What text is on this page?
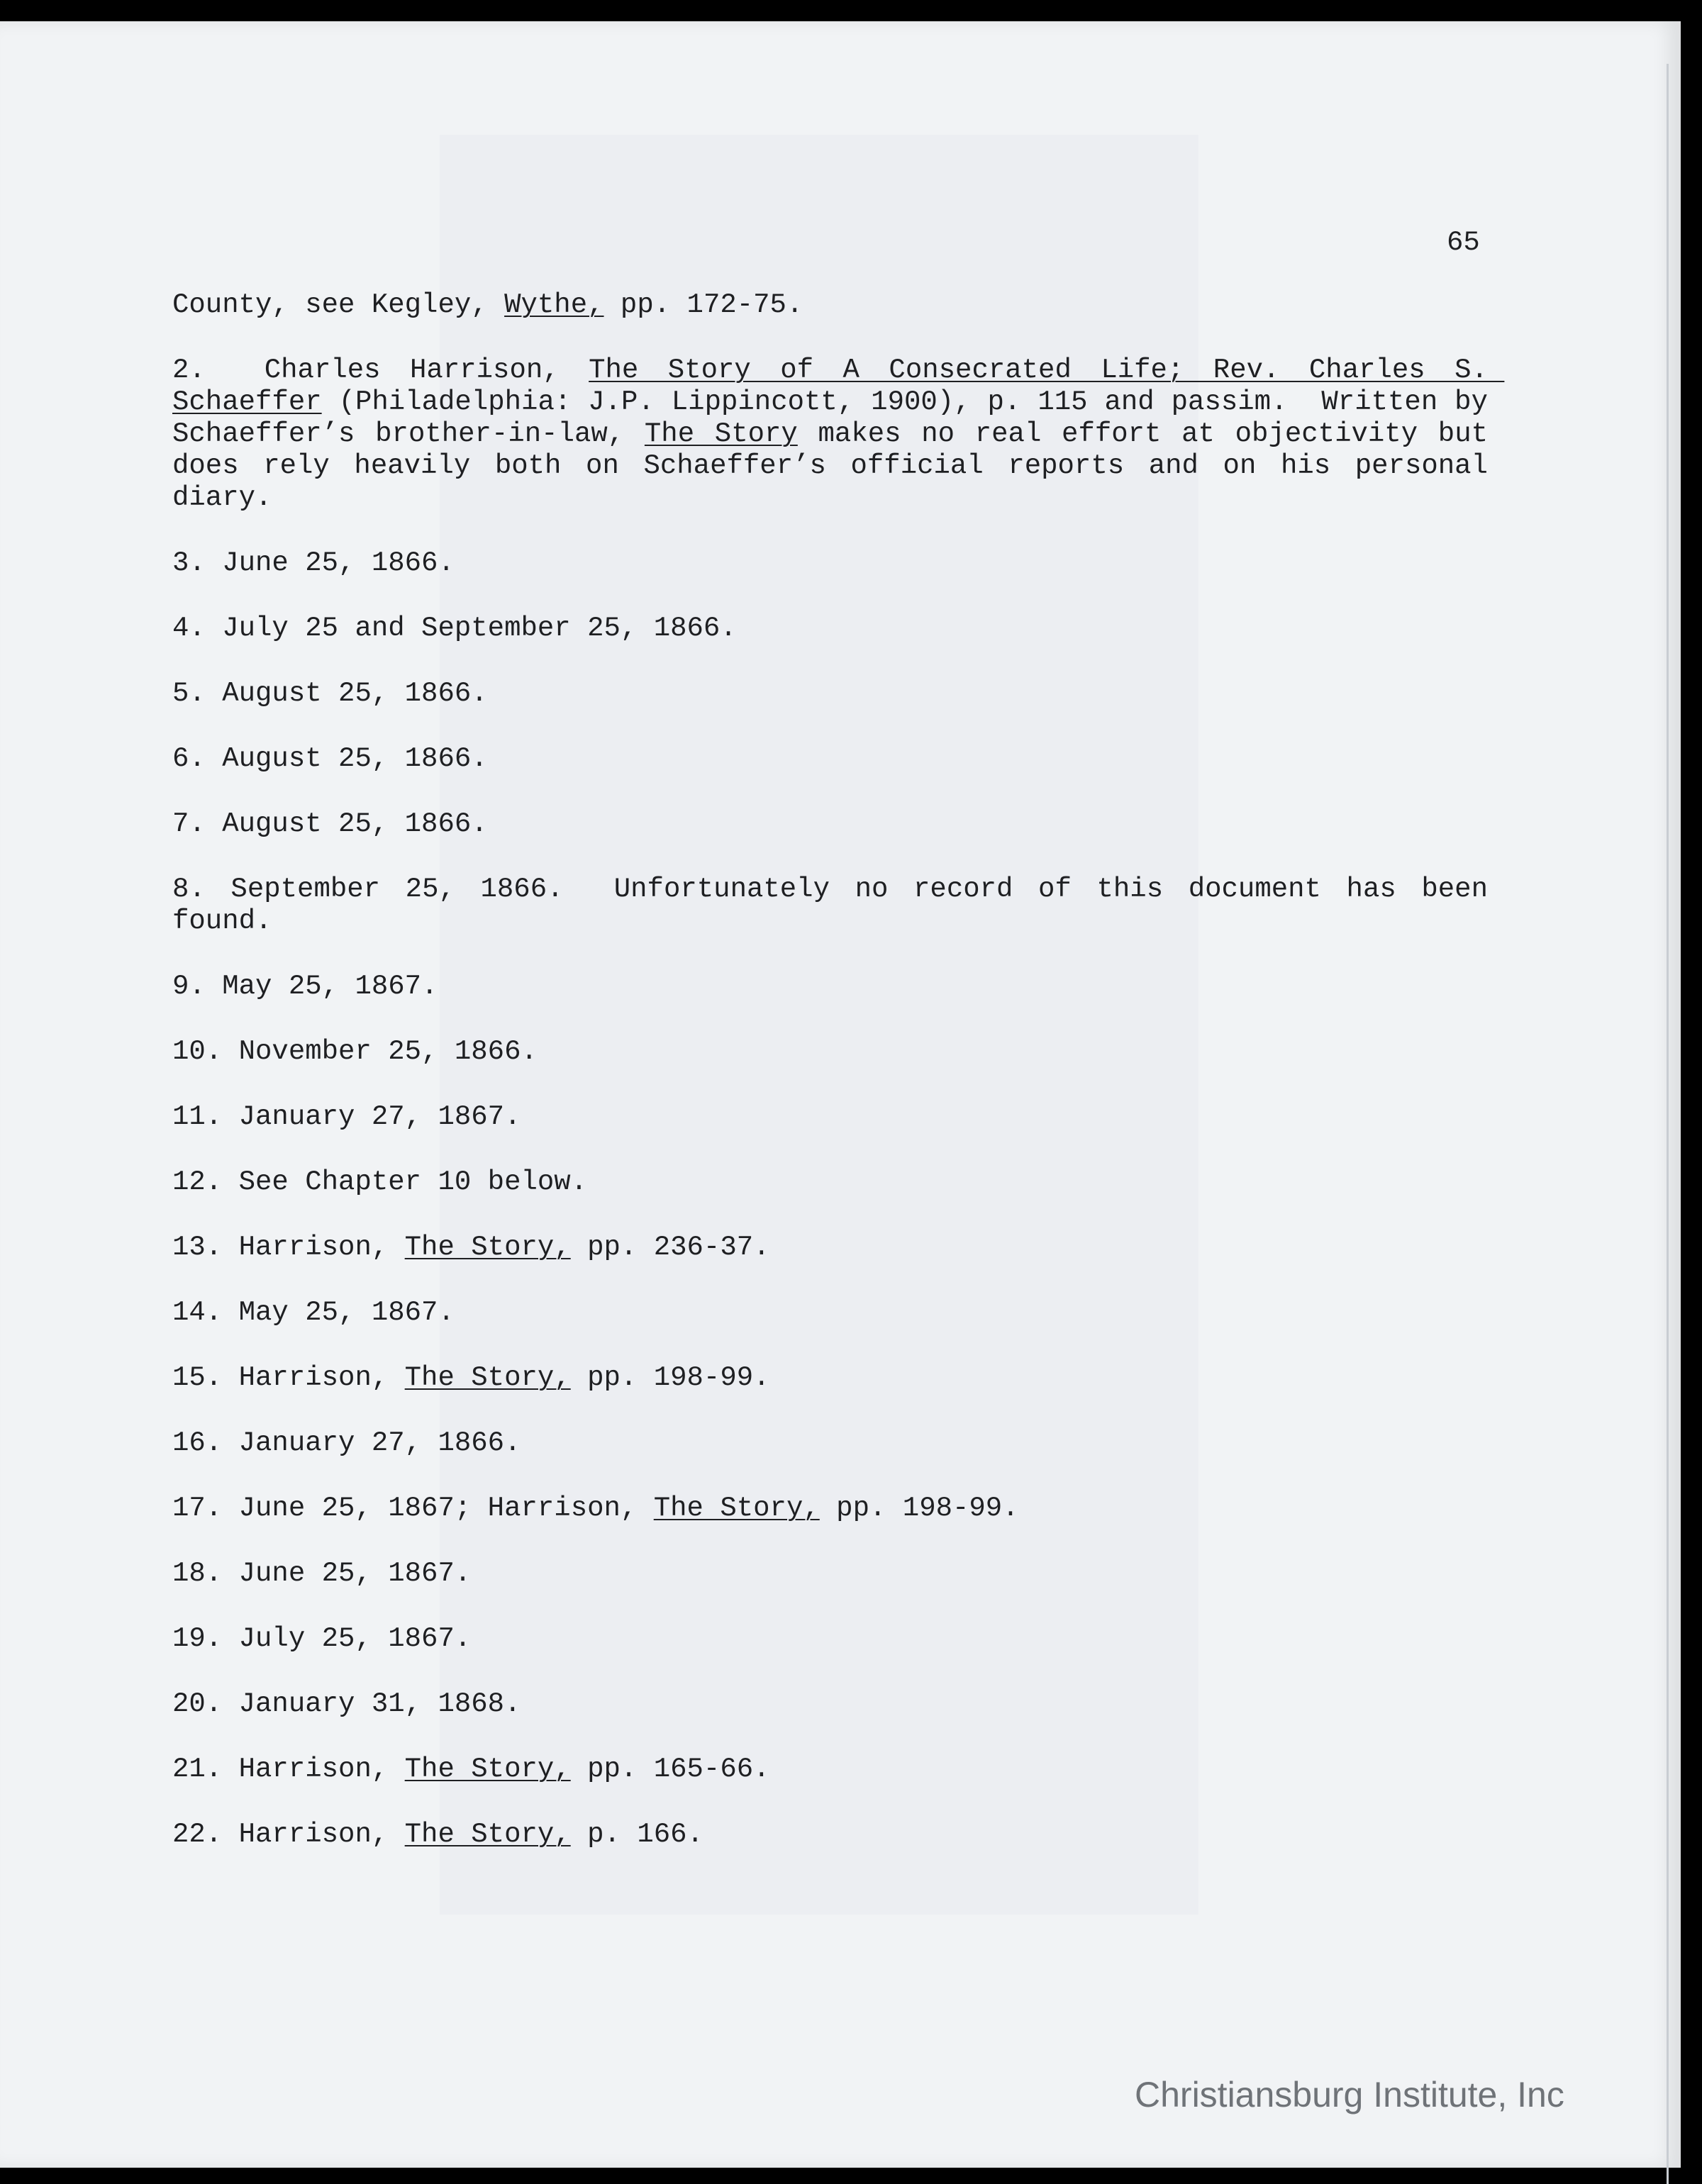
65

County, see Kegley, Wythe, pp. 172-75.

2.  Charles Harrison, The Story of A Consecrated Life; Rev. Charles S. Schaeffer (Philadelphia: J.P. Lippincott, 1900), p. 115 and passim.  Written by Schaeffer’s brother-in-law, The Story makes no real effort at objectivity but does rely heavily both on Schaeffer’s official reports and on his personal diary.

3. June 25, 1866.

4. July 25 and September 25, 1866.

5. August 25, 1866.

6. August 25, 1866.

7. August 25, 1866.

8. September 25, 1866.  Unfortunately no record of this document has been found.

9. May 25, 1867.

10. November 25, 1866.

11. January 27, 1867.

12. See Chapter 10 below.

13. Harrison, The Story, pp. 236-37.

14. May 25, 1867.

15. Harrison, The Story, pp. 198-99.

16. January 27, 1866.

17. June 25, 1867; Harrison, The Story, pp. 198-99.

18. June 25, 1867.

19. July 25, 1867.

20. January 31, 1868.

21. Harrison, The Story, pp. 165-66.

22. Harrison, The Story, p. 166.

Christiansburg Institute, Inc
